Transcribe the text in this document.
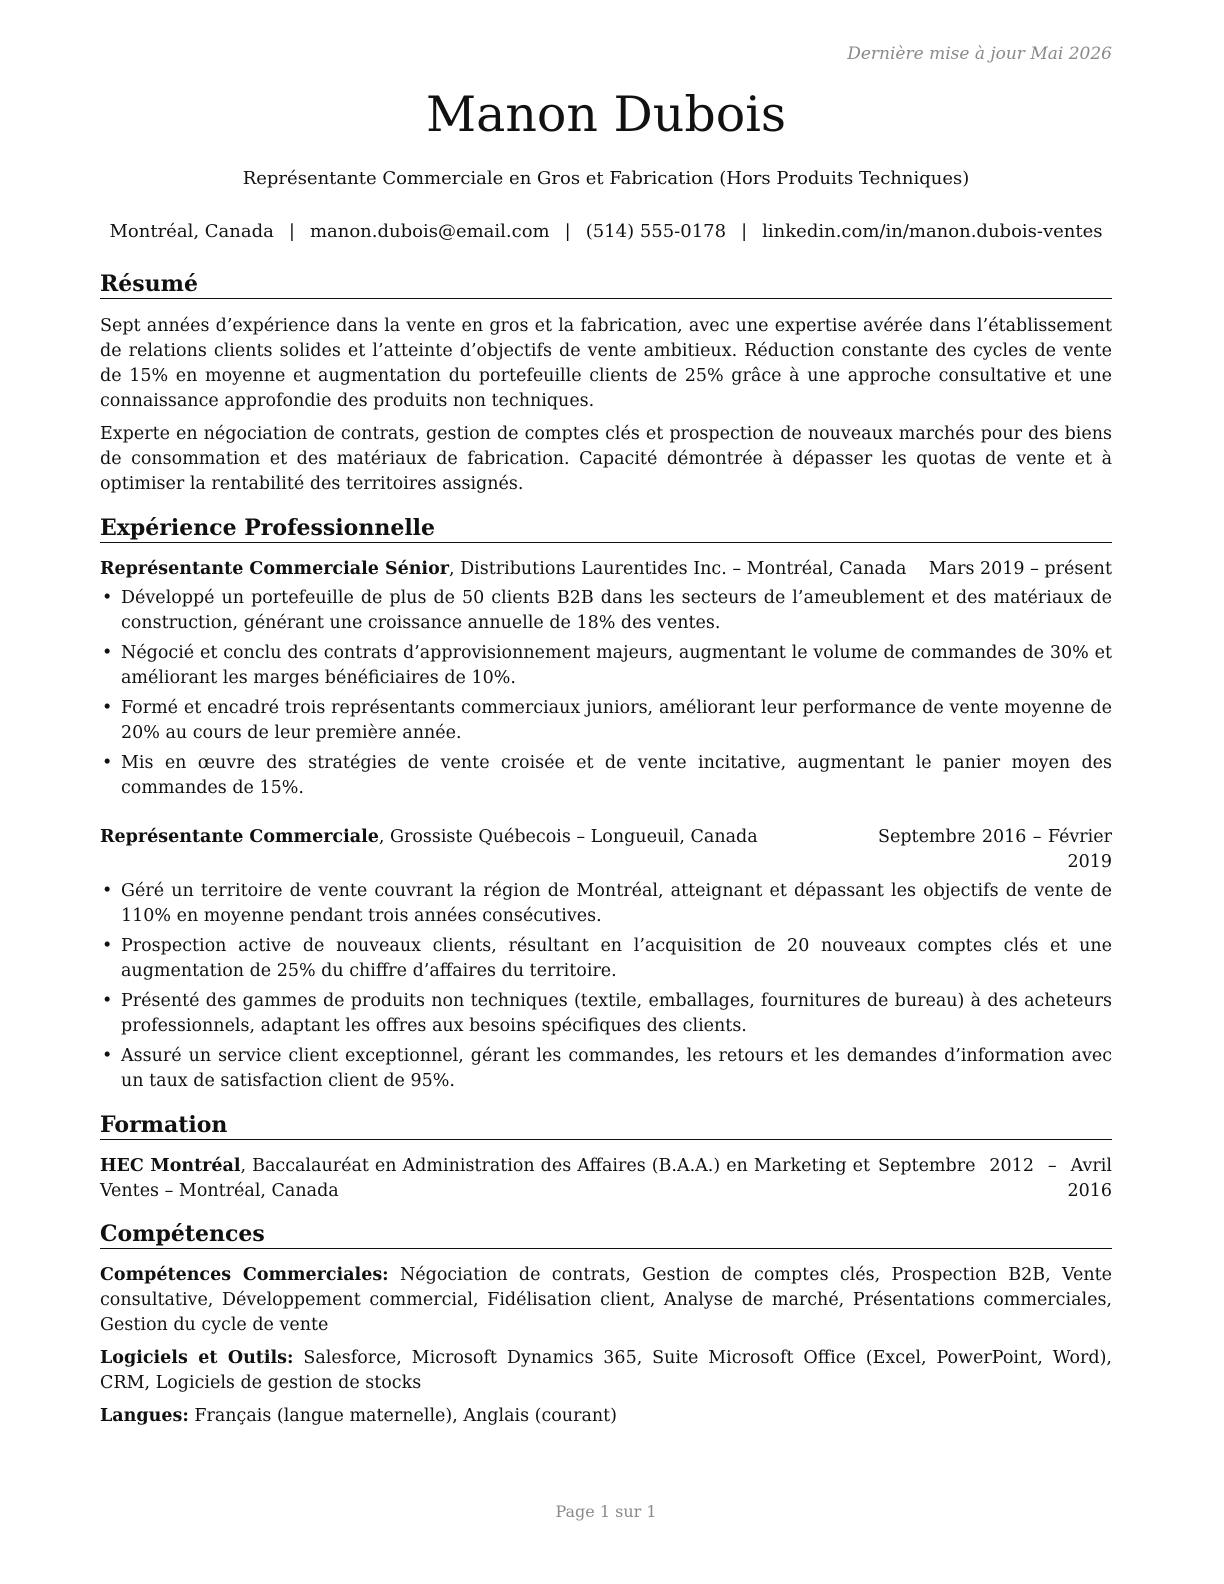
Dernière mise à jour Mai 2026
Manon Dubois
Représentante Commerciale en Gros et Fabrication (Hors Produits Techniques)
Montréal, Canada | manon.dubois@email.com | (514) 555-0178 | linkedin.com/in/manon.dubois-ventes
Résumé

Sept années d’expérience dans la vente en gros et la fabrication, avec une expertise avérée dans l’établissement de relations clients solides et l’atteinte d’objectifs de vente ambitieux. Réduction constante des cycles de vente de 15% en moyenne et augmentation du portefeuille clients de 25% grâce à une approche consultative et une connaissance approfondie des produits non techniques.

Experte en négociation de contrats, gestion de comptes clés et prospection de nouveaux marchés pour des biens de consommation et des matériaux de fabrication. Capacité démontrée à dépasser les quotas de vente et à optimiser la rentabilité des territoires assignés.

Expérience Professionnelle
Représentante Commerciale Sénior, Distributions Laurentides Inc. – Montréal, Canada	Mars 2019 – présent
• Développé un portefeuille de plus de 50 clients B2B dans les secteurs de l’ameublement et des matériaux de construction, générant une croissance annuelle de 18% des ventes.
• Négocié et conclu des contrats d’approvisionnement majeurs, augmentant le volume de commandes de 30% et améliorant les marges bénéficiaires de 10%.
• Formé et encadré trois représentants commerciaux juniors, améliorant leur performance de vente moyenne de 20% au cours de leur première année.
• Mis en œuvre des stratégies de vente croisée et de vente incitative, augmentant le panier moyen des commandes de 15%.
Représentante Commerciale, Grossiste Québecois – Longueuil, Canada	Septembre 2016 – Février 2019
• Géré un territoire de vente couvrant la région de Montréal, atteignant et dépassant les objectifs de vente de 110% en moyenne pendant trois années consécutives.
• Prospection active de nouveaux clients, résultant en l’acquisition de 20 nouveaux comptes clés et une augmentation de 25% du chiffre d’affaires du territoire.
• Présenté des gammes de produits non techniques (textile, emballages, fournitures de bureau) à des acheteurs professionnels, adaptant les offres aux besoins spécifiques des clients.
• Assuré un service client exceptionnel, gérant les commandes, les retours et les demandes d’information avec un taux de satisfaction client de 95%.
Formation
HEC Montréal, Baccalauréat en Administration des Affaires (B.A.A.) en Marketing et Ventes – Montréal, Canada
Septembre 2012 – Avril 2016
Compétences

Compétences Commerciales: Négociation de contrats, Gestion de comptes clés, Prospection B2B, Vente consultative, Développement commercial, Fidélisation client, Analyse de marché, Présentations commerciales, Gestion du cycle de vente

Logiciels et Outils: Salesforce, Microsoft Dynamics 365, Suite Microsoft Office (Excel, PowerPoint, Word), CRM, Logiciels de gestion de stocks

Langues: Français (langue maternelle), Anglais (courant)

Page 1 sur 1
